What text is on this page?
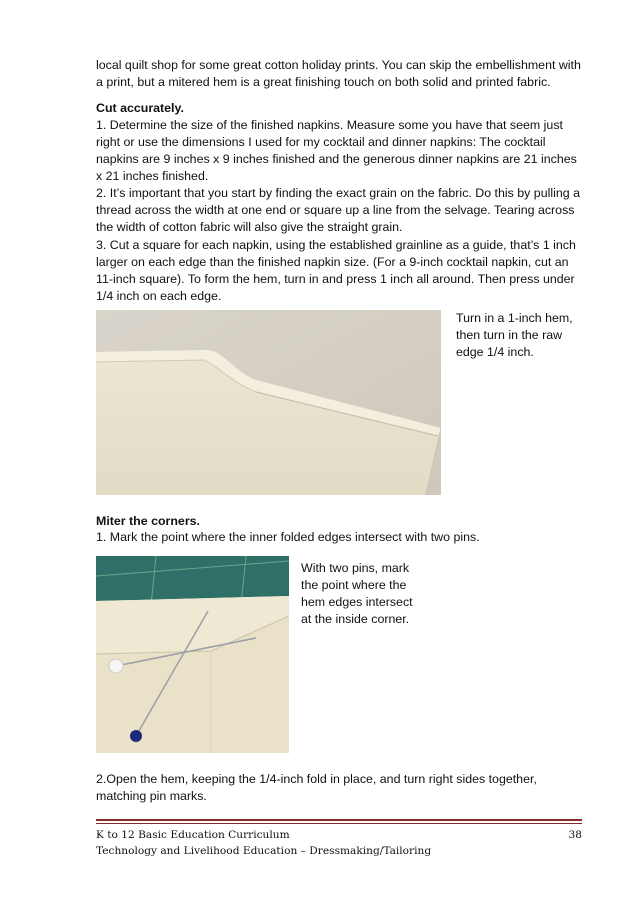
local quilt shop for some great cotton holiday prints. You can skip the embellishment with a print, but a mitered hem is a great finishing touch on both solid and printed fabric.

Cut accurately.

1. Determine the size of the finished napkins. Measure some you have that seem just right or use the dimensions I used for my cocktail and dinner napkins: The cocktail napkins are 9 inches x 9 inches finished and the generous dinner napkins are 21 inches x 21 inches finished.

2. It’s important that you start by finding the exact grain on the fabric. Do this by pulling a thread across the width at one end or square up a line from the selvage. Tearing across the width of cotton fabric will also give the straight grain.

3. Cut a square for each napkin, using the established grainline as a guide, that’s 1 inch larger on each edge than the finished napkin size. (For a 9-inch cocktail napkin, cut an 11-inch square). To form the hem, turn in and press 1 inch all around. Then press under 1/4 inch on each edge.

Turn in a 1-inch hem, then turn in the raw edge 1/4 inch.

Miter the corners.

1. Mark the point where the inner folded edges intersect with two pins.

With two pins, mark the point where the hem edges intersect at the inside corner.

2.Open the hem, keeping the 1/4-inch fold in place, and turn right sides together, matching pin marks.

K to 12 Basic Education Curriculum	38
Technology and Livelihood Education – Dressmaking/Tailoring
